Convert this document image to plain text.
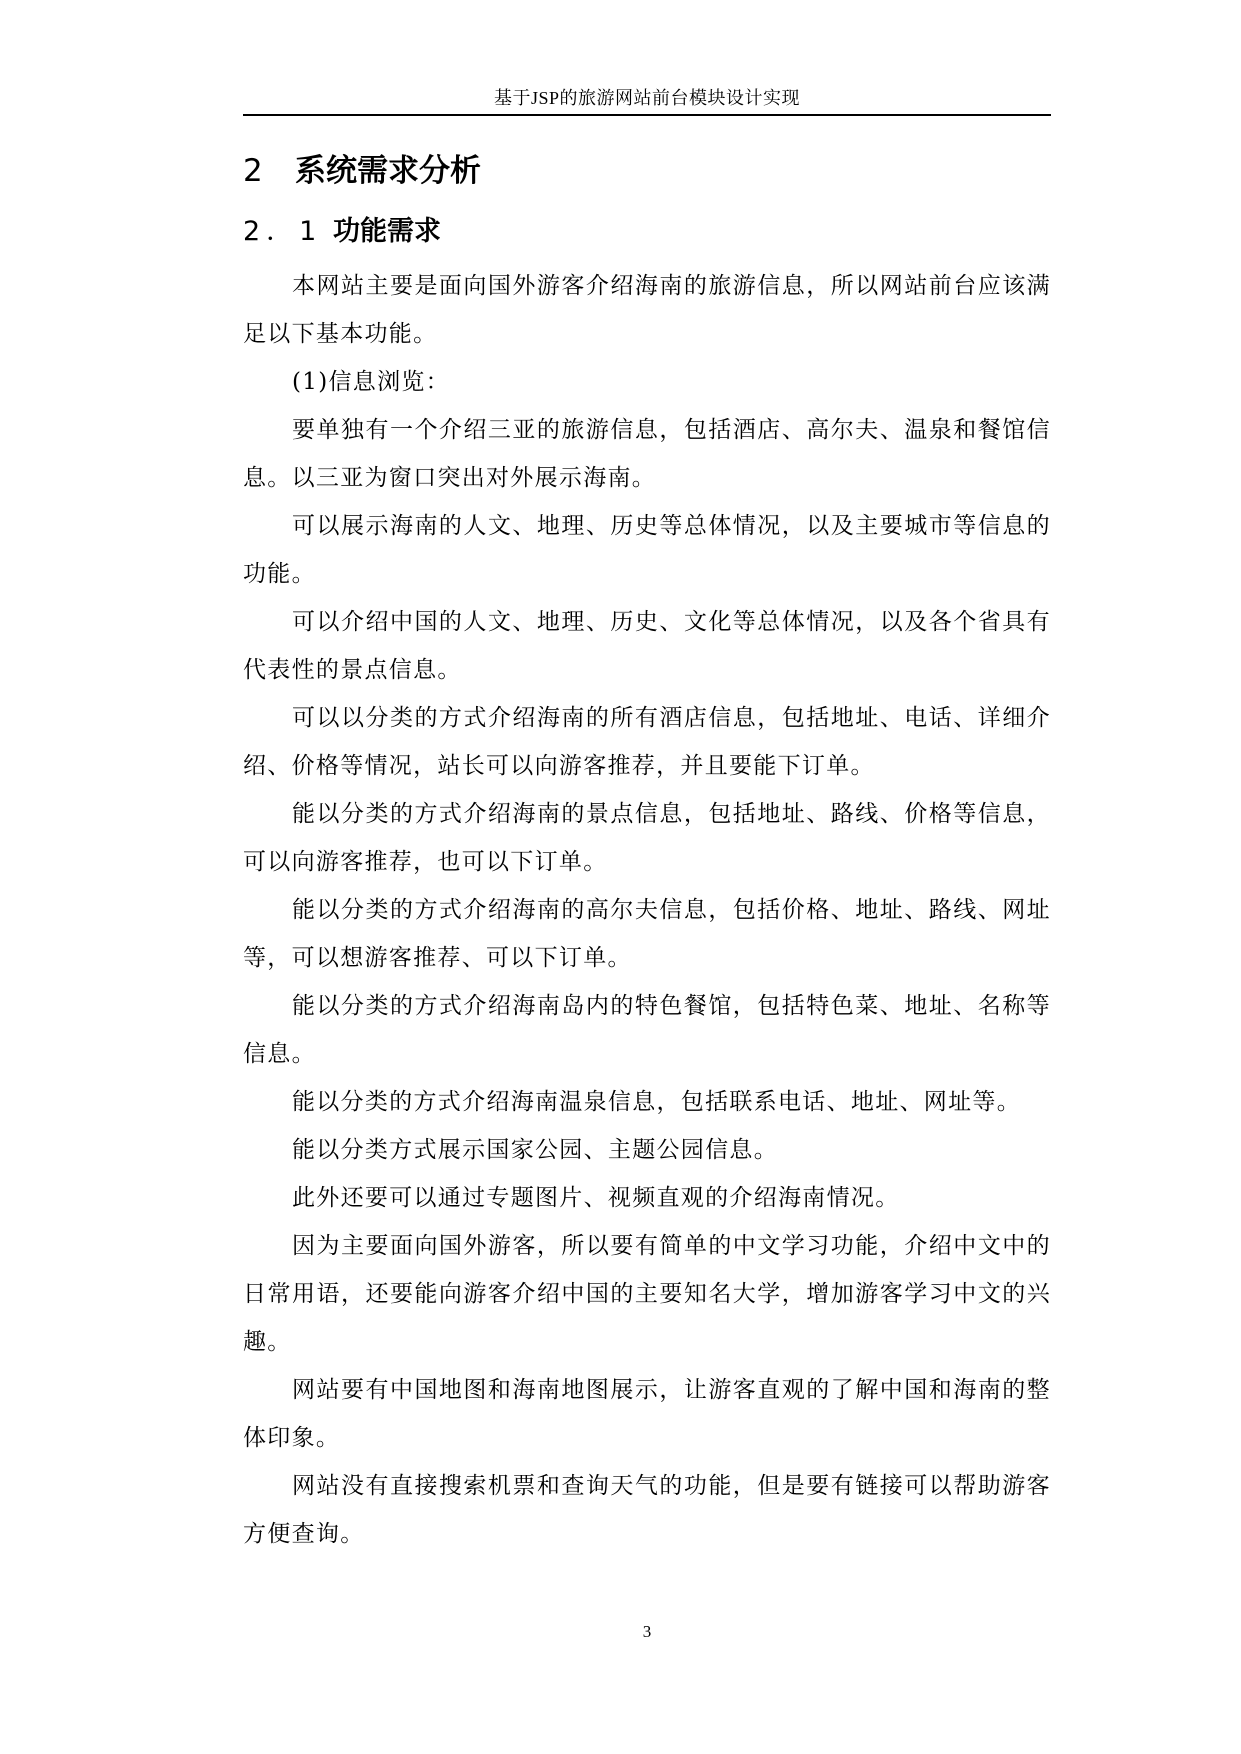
基于JSP的旅游网站前台模块设计实现
2 系统需求分析
2．1 功能需求

本网站主要是面向国外游客介绍海南的旅游信息，所以网站前台应该满足以下基本功能。

(1)信息浏览：

要单独有一个介绍三亚的旅游信息，包括酒店、高尔夫、温泉和餐馆信息。以三亚为窗口突出对外展示海南。

可以展示海南的人文、地理、历史等总体情况，以及主要城市等信息的功能。

可以介绍中国的人文、地理、历史、文化等总体情况，以及各个省具有代表性的景点信息。

可以以分类的方式介绍海南的所有酒店信息，包括地址、电话、详细介绍、价格等情况，站长可以向游客推荐，并且要能下订单。

能以分类的方式介绍海南的景点信息，包括地址、路线、价格等信息，可以向游客推荐，也可以下订单。

能以分类的方式介绍海南的高尔夫信息，包括价格、地址、路线、网址等，可以想游客推荐、可以下订单。

能以分类的方式介绍海南岛内的特色餐馆，包括特色菜、地址、名称等信息。

能以分类的方式介绍海南温泉信息，包括联系电话、地址、网址等。

能以分类方式展示国家公园、主题公园信息。

此外还要可以通过专题图片、视频直观的介绍海南情况。

因为主要面向国外游客，所以要有简单的中文学习功能，介绍中文中的日常用语，还要能向游客介绍中国的主要知名大学，增加游客学习中文的兴趣。

网站要有中国地图和海南地图展示，让游客直观的了解中国和海南的整体印象。

网站没有直接搜索机票和查询天气的功能，但是要有链接可以帮助游客方便查询。

3
